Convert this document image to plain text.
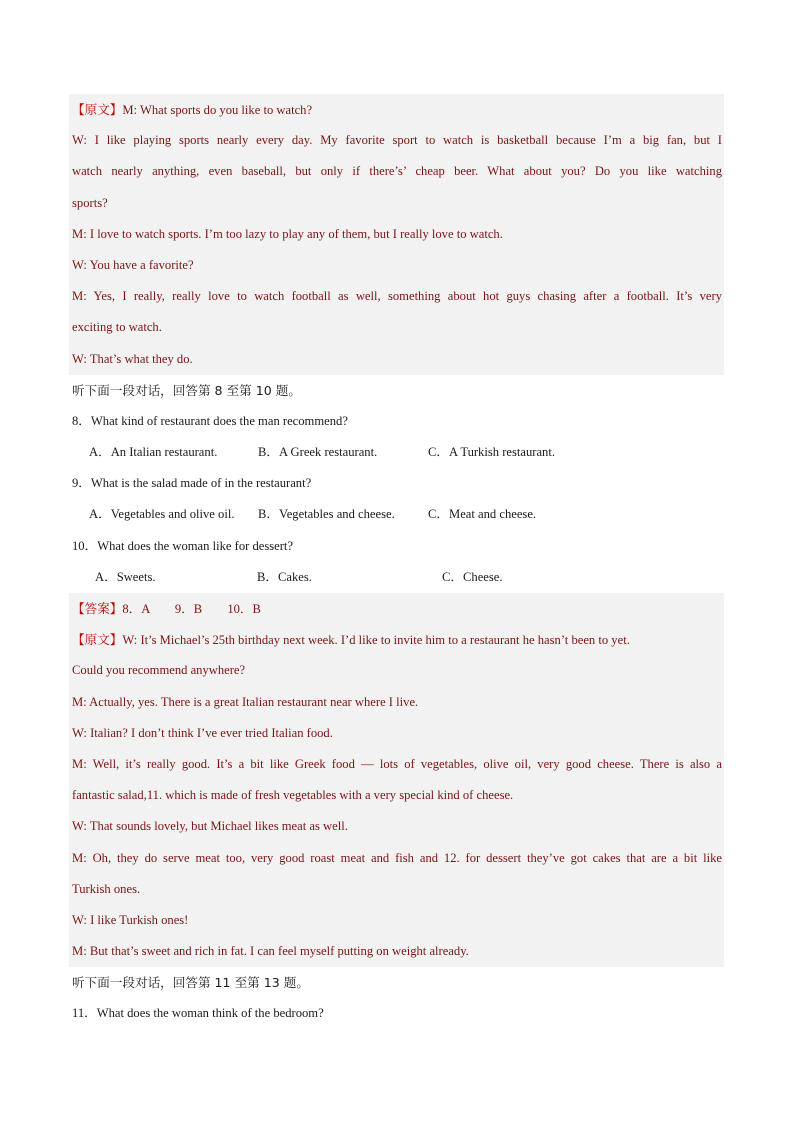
【原文】M: What sports do you like to watch?
W: I like playing sports nearly every day. My favorite sport to watch is basketball because I’m a big fan, but I
watch nearly anything, even baseball, but only if there’s’ cheap beer. What about you? Do you like watching
sports?
M: I love to watch sports. I’m too lazy to play any of them, but I really love to watch.
W: You have a favorite?
M: Yes, I really, really love to watch football as well, something about hot guys chasing after a football. It’s very
exciting to watch.
W: That’s what they do.
听下面一段对话，回答第 8 至第 10 题。
8．What kind of restaurant does the man recommend?
A．An Italian restaurant.	B．A Greek restaurant.	C．A Turkish restaurant.
9．What is the salad made of in the restaurant?
A．Vegetables and olive oil.	B．Vegetables and cheese.	C．Meat and cheese.
10．What does the woman like for dessert?
A．Sweets.	B．Cakes.	C．Cheese.
【答案】8．A　　9．B　　10．B
【原文】W: It’s Michael’s 25th birthday next week. I’d like to invite him to a restaurant he hasn’t been to yet.
Could you recommend anywhere?
M: Actually, yes. There is a great Italian restaurant near where I live.
W: Italian? I don’t think I’ve ever tried Italian food.
M: Well, it’s really good. It’s a bit like Greek food — lots of vegetables, olive oil, very good cheese. There is also a
fantastic salad,11. which is made of fresh vegetables with a very special kind of cheese.
W: That sounds lovely, but Michael likes meat as well.
M: Oh, they do serve meat too, very good roast meat and fish and 12. for dessert they’ve got cakes that are a bit like
Turkish ones.
W: I like Turkish ones!
M: But that’s sweet and rich in fat. I can feel myself putting on weight already.
听下面一段对话，回答第 11 至第 13 题。
11．What does the woman think of the bedroom?
